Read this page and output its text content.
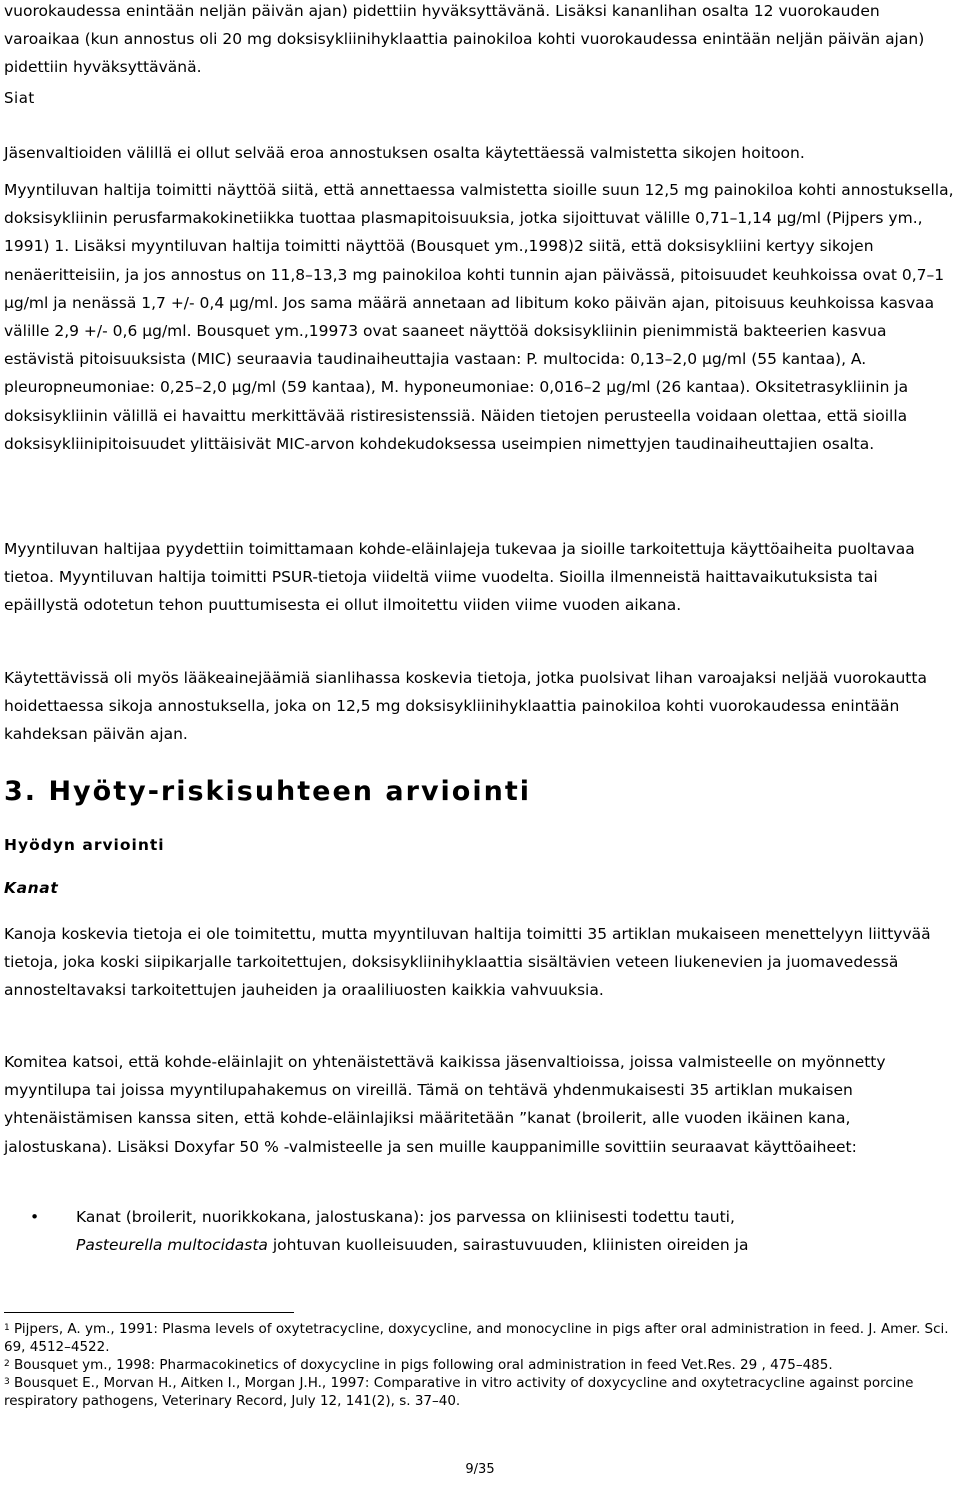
vuorokaudessa enintään neljän päivän ajan) pidettiin hyväksyttävänä. Lisäksi kananlihan osalta 12 vuorokauden varoaikaa (kun annostus oli 20 mg doksisykliinihyklaattia painokiloa kohti vuorokaudessa enintään neljän päivän ajan) pidettiin hyväksyttävänä.

Siat

Jäsenvaltioiden välillä ei ollut selvää eroa annostuksen osalta käytettäessä valmistetta sikojen hoitoon.

Myyntiluvan haltija toimitti näyttöä siitä, että annettaessa valmistetta sioille suun 12,5 mg painokiloa kohti annostuksella, doksisykliinin perusfarmakokinetiikka tuottaa plasmapitoisuuksia, jotka sijoittuvat välille 0,71–1,14 µg/ml (Pijpers ym., 1991) 1. Lisäksi myyntiluvan haltija toimitti näyttöä (Bousquet ym.,1998)2 siitä, että doksisykliini kertyy sikojen nenäeritteisiin, ja jos annostus on 11,8–13,3 mg painokiloa kohti tunnin ajan päivässä, pitoisuudet keuhkoissa ovat 0,7–1 µg/ml ja nenässä 1,7 +/- 0,4 µg/ml. Jos sama määrä annetaan ad libitum koko päivän ajan, pitoisuus keuhkoissa kasvaa välille 2,9 +/- 0,6 µg/ml. Bousquet ym.,19973 ovat saaneet näyttöä doksisykliinin pienimmistä bakteerien kasvua estävistä pitoisuuksista (MIC) seuraavia taudinaiheuttajia vastaan: P. multocida: 0,13–2,0 µg/ml (55 kantaa), A. pleuropneumoniae: 0,25–2,0 µg/ml (59 kantaa), M. hyponeumoniae: 0,016–2 µg/ml (26 kantaa). Oksitetrasykliinin ja doksisykliinin välillä ei havaittu merkittävää ristiresistenssiä. Näiden tietojen perusteella voidaan olettaa, että sioilla doksisykliinipitoisuudet ylittäisivät MIC-arvon kohdekudoksessa useimpien nimettyjen taudinaiheuttajien osalta.

Myyntiluvan haltijaa pyydettiin toimittamaan kohde-eläinlajeja tukevaa ja sioille tarkoitettuja käyttöaiheita puoltavaa tietoa. Myyntiluvan haltija toimitti PSUR-tietoja viideltä viime vuodelta. Sioilla ilmenneistä haittavaikutuksista tai epäillystä odotetun tehon puuttumisesta ei ollut ilmoitettu viiden viime vuoden aikana.

Käytettävissä oli myös lääkeainejäämiä sianlihassa koskevia tietoja, jotka puolsivat lihan varoajaksi neljää vuorokautta hoidettaessa sikoja annostuksella, joka on 12,5 mg doksisykliinihyklaattia painokiloa kohti vuorokaudessa enintään kahdeksan päivän ajan.

3. Hyöty-riskisuhteen arviointi
Hyödyn arviointi
Kanat

Kanoja koskevia tietoja ei ole toimitettu, mutta myyntiluvan haltija toimitti 35 artiklan mukaiseen menettelyyn liittyvää tietoja, joka koski siipikarjalle tarkoitettujen, doksisykliinihyklaattia sisältävien veteen liukenevien ja juomavedessä annosteltavaksi tarkoitettujen jauheiden ja oraaliliuosten kaikkia vahvuuksia.

Komitea katsoi, että kohde-eläinlajit on yhtenäistettävä kaikissa jäsenvaltioissa, joissa valmisteelle on myönnetty myyntilupa tai joissa myyntilupahakemus on vireillä. Tämä on tehtävä yhdenmukaisesti 35 artiklan mukaisen yhtenäistämisen kanssa siten, että kohde-eläinlajiksi määritetään ”kanat (broilerit, alle vuoden ikäinen kana, jalostuskana). Lisäksi Doxyfar 50 % -valmisteelle ja sen muille kauppanimille sovittiin seuraavat käyttöaiheet:

• Kanat (broilerit, nuorikkokana, jalostuskana): jos parvessa on kliinisesti todettu tauti,

Pasteurella multocidasta johtuvan kuolleisuuden, sairastuvuuden, kliinisten oireiden ja

$^1$ Pijpers, A. ym., 1991: Plasma levels of oxytetracycline, doxycycline, and monocycline in pigs after oral administration in feed. J. Amer. Sci. 69, 4512–4522.

$^2$ Bousquet ym., 1998: Pharmacokinetics of doxycycline in pigs following oral administration in feed Vet.Res. 29 , 475–485.

$^3$ Bousquet E., Morvan H., Aitken I., Morgan J.H., 1997: Comparative in vitro activity of doxycycline and oxytetracycline against porcine respiratory pathogens, Veterinary Record, July 12, 141(2), s. 37–40.

9/35
